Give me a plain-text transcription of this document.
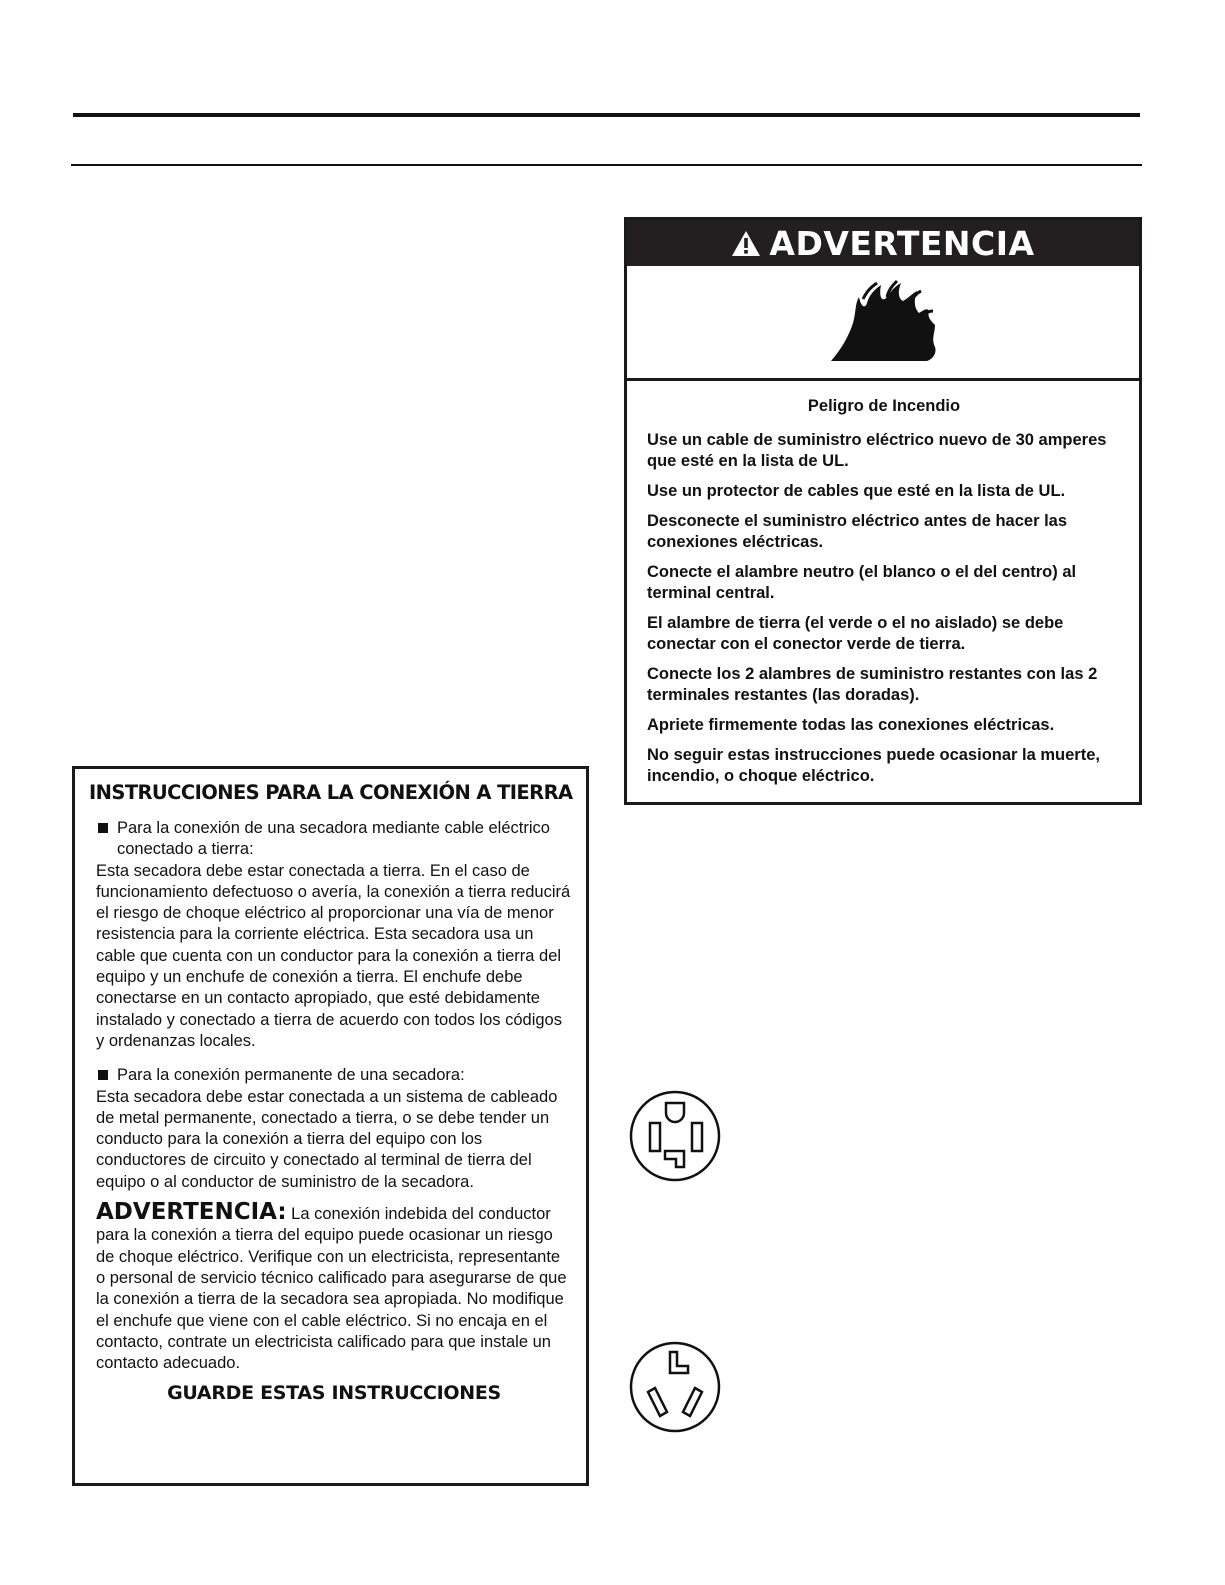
ADVERTENCIA
Peligro de Incendio
Use un cable de suministro eléctrico nuevo de 30 amperes que esté en la lista de UL.
Use un protector de cables que esté en la lista de UL.
Desconecte el suministro eléctrico antes de hacer las conexiones eléctricas.
Conecte el alambre neutro (el blanco o el del centro) al terminal central.
El alambre de tierra (el verde o el no aislado) se debe conectar con el conector verde de tierra.
Conecte los 2 alambres de suministro restantes con las 2 terminales restantes (las doradas).
Apriete firmemente todas las conexiones eléctricas.
No seguir estas instrucciones puede ocasionar la muerte, incendio, o choque eléctrico.
INSTRUCCIONES PARA LA CONEXIÓN A TIERRA
Para la conexión de una secadora mediante cable eléctrico conectado a tierra:

Esta secadora debe estar conectada a tierra. En el caso de funcionamiento defectuoso o avería, la conexión a tierra reducirá el riesgo de choque eléctrico al proporcionar una vía de menor resistencia para la corriente eléctrica. Esta secadora usa un cable que cuenta con un conductor para la conexión a tierra del equipo y un enchufe de conexión a tierra. El enchufe debe conectarse en un contacto apropiado, que esté debidamente instalado y conectado a tierra de acuerdo con todos los códigos y ordenanzas locales.

Para la conexión permanente de una secadora:

Esta secadora debe estar conectada a un sistema de cableado de metal permanente, conectado a tierra, o se debe tender un conducto para la conexión a tierra del equipo con los conductores de circuito y conectado al terminal de tierra del equipo o al conductor de suministro de la secadora.

ADVERTENCIA: La conexión indebida del conductor para la conexión a tierra del equipo puede ocasionar un riesgo de choque eléctrico. Verifique con un electricista, representante o personal de servicio técnico calificado para asegurarse de que la conexión a tierra de la secadora sea apropiada. No modifique el enchufe que viene con el cable eléctrico. Si no encaja en el contacto, contrate un electricista calificado para que instale un contacto adecuado.

GUARDE ESTAS INSTRUCCIONES
